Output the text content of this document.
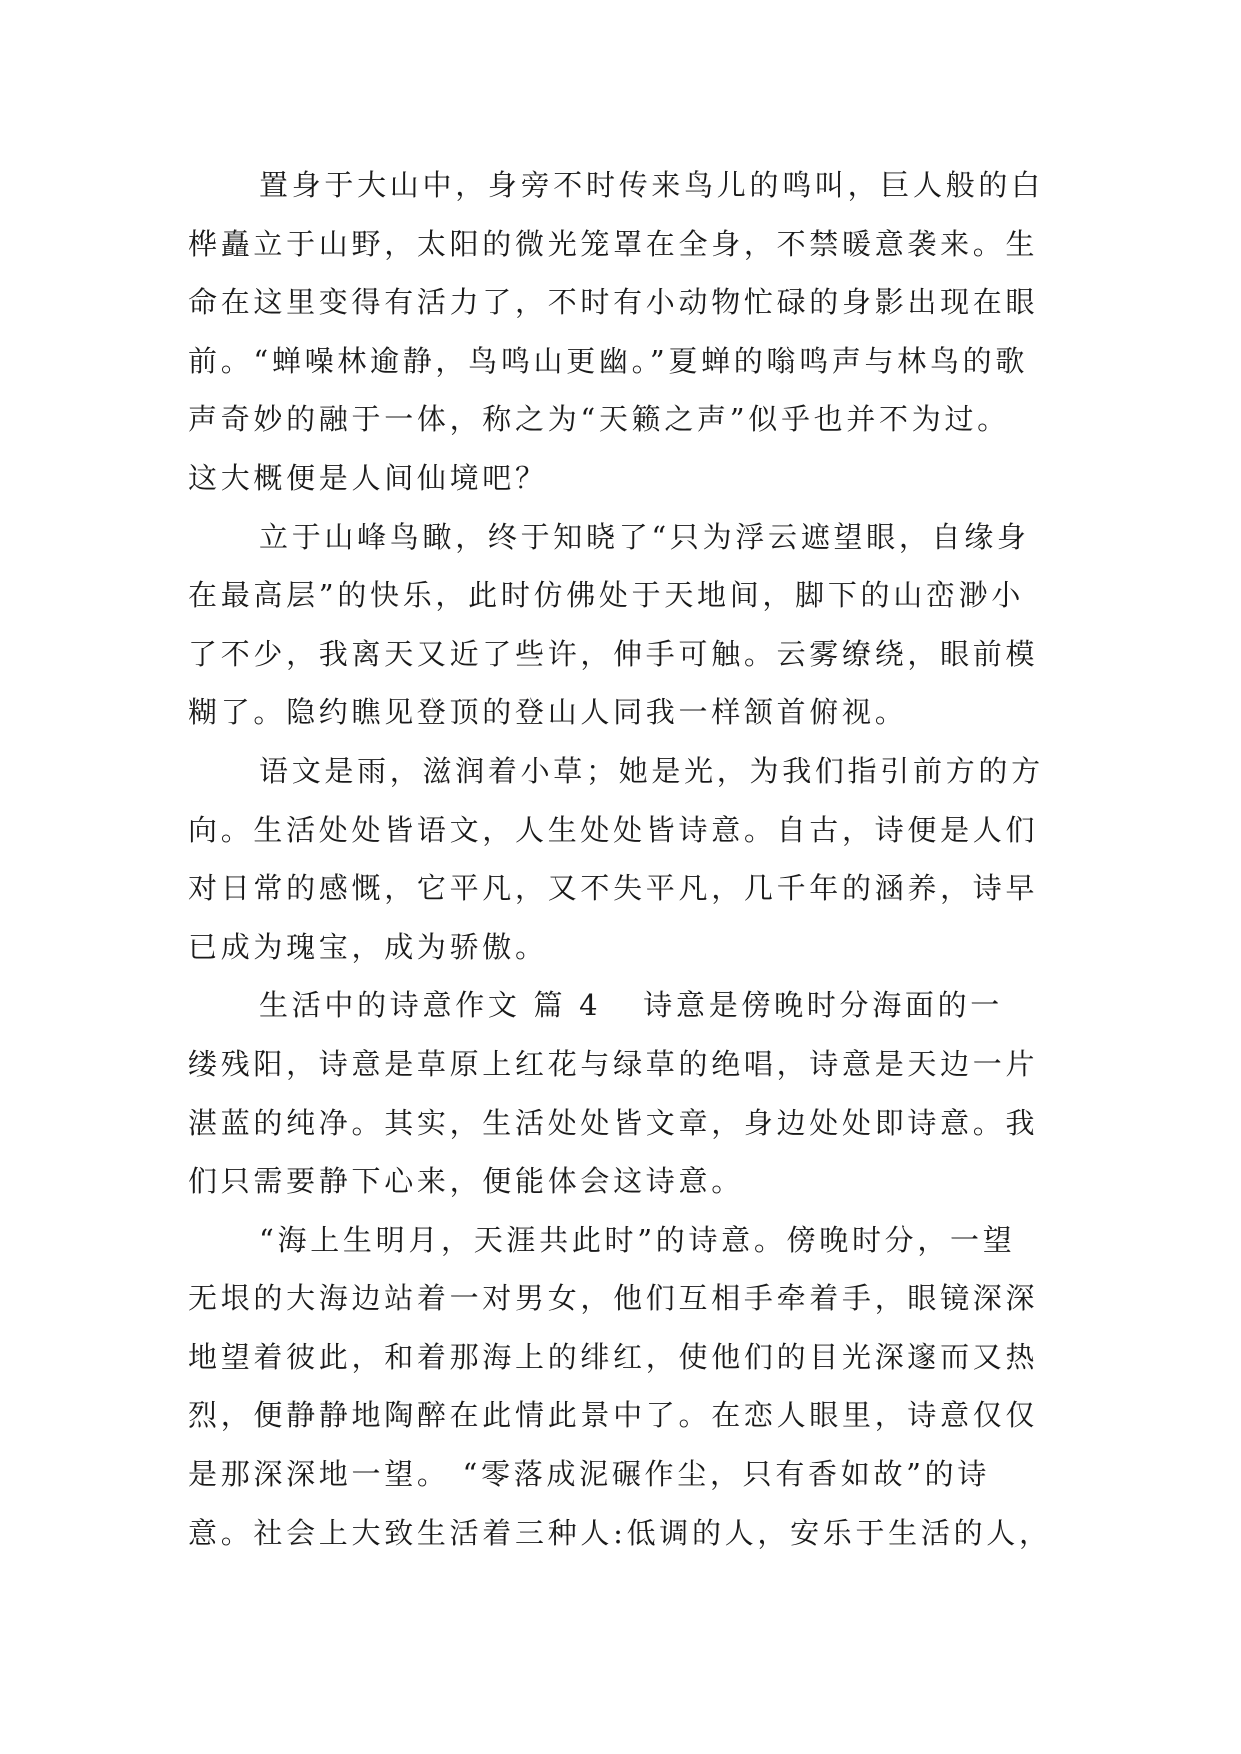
置身于大山中，身旁不时传来鸟儿的鸣叫，巨人般的白
桦矗立于山野，太阳的微光笼罩在全身，不禁暖意袭来。生
命在这里变得有活力了，不时有小动物忙碌的身影出现在眼
前。“蝉噪林逾静，鸟鸣山更幽。”夏蝉的嗡鸣声与林鸟的歌
声奇妙的融于一体，称之为“天籁之声”似乎也并不为过。
这大概便是人间仙境吧？
立于山峰鸟瞰，终于知晓了“只为浮云遮望眼，自缘身
在最高层”的快乐，此时仿佛处于天地间，脚下的山峦渺小
了不少，我离天又近了些许，伸手可触。云雾缭绕，眼前模
糊了。隐约瞧见登顶的登山人同我一样颔首俯视。
语文是雨，滋润着小草；她是光，为我们指引前方的方
向。生活处处皆语文，人生处处皆诗意。自古，诗便是人们
对日常的感慨，它平凡，又不失平凡，几千年的涵养，诗早
已成为瑰宝，成为骄傲。
生活中的诗意作文 篇 4 诗意是傍晚时分海面的一
缕残阳，诗意是草原上红花与绿草的绝唱，诗意是天边一片
湛蓝的纯净。其实，生活处处皆文章，身边处处即诗意。我
们只需要静下心来，便能体会这诗意。
“海上生明月，天涯共此时”的诗意。傍晚时分，一望
无垠的大海边站着一对男女，他们互相手牵着手，眼镜深深
地望着彼此，和着那海上的绯红，使他们的目光深邃而又热
烈，便静静地陶醉在此情此景中了。在恋人眼里，诗意仅仅
是那深深地一望。 “零落成泥碾作尘，只有香如故”的诗
意。社会上大致生活着三种人:低调的人，安乐于生活的人，
